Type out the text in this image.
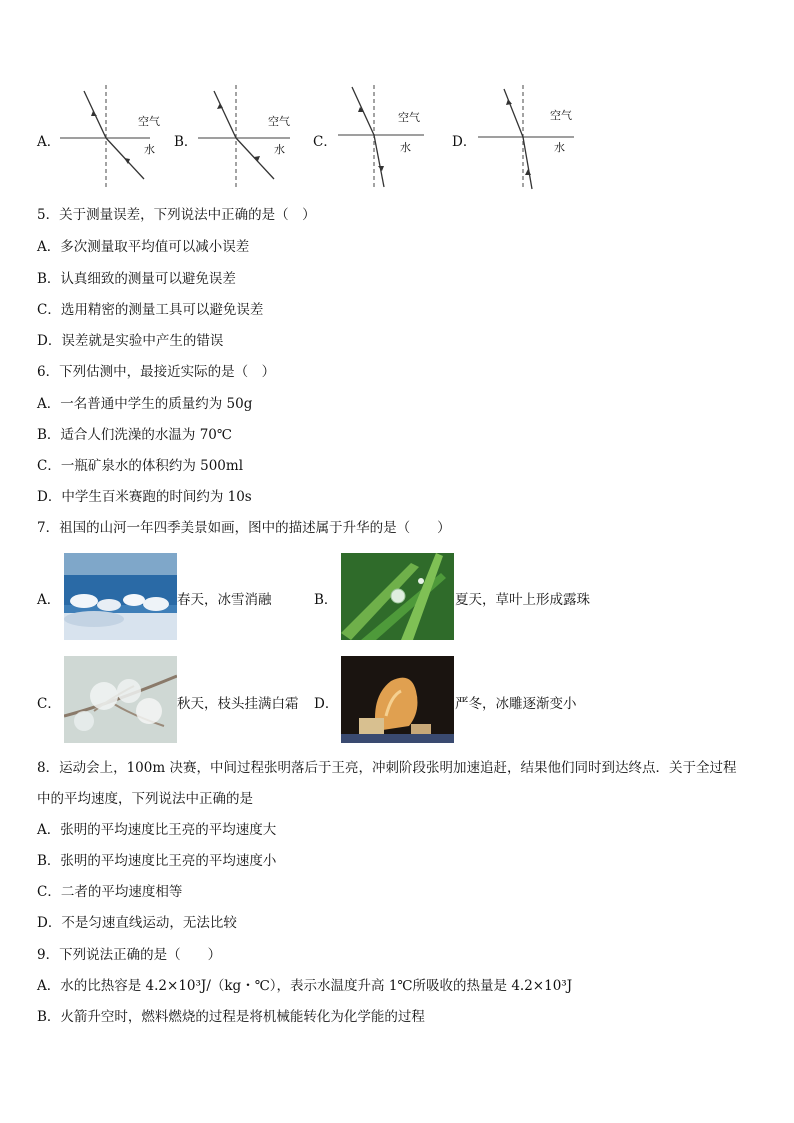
A．
空气
水 B．
空气
水 C．
空气
水	D．
空气
水
5．关于测量误差，下列说法中正确的是（　）
A．多次测量取平均值可以减小误差
B．认真细致的测量可以避免误差
C．选用精密的测量工具可以避免误差
D．误差就是实验中产生的错误
6．下列估测中，最接近实际的是（　）
A．一名普通中学生的质量约为 50g
B．适合人们洗澡的水温为 70℃
C．一瓶矿泉水的体积约为 500ml
D．中学生百米赛跑的时间约为 10s
7．祖国的山河一年四季美景如画，图中的描述属于升华的是（　　）
A．	春天，冰雪消融	B．	夏天，草叶上形成露珠
C．	秋天，枝头挂满白霜 D．	严冬，冰雕逐渐变小
8．运动会上，100m 决赛，中间过程张明落后于王亮，冲刺阶段张明加速追赶，结果他们同时到达终点．关于全过程
中的平均速度，下列说法中正确的是
A．张明的平均速度比王亮的平均速度大
B．张明的平均速度比王亮的平均速度小
C．二者的平均速度相等
D．不是匀速直线运动，无法比较
9．下列说法正确的是（　　）
A．水的比热容是 4.2×10³J/（kg・℃），表示水温度升高 1℃所吸收的热量是 4.2×10³J
B．火箭升空时，燃料燃烧的过程是将机械能转化为化学能的过程
